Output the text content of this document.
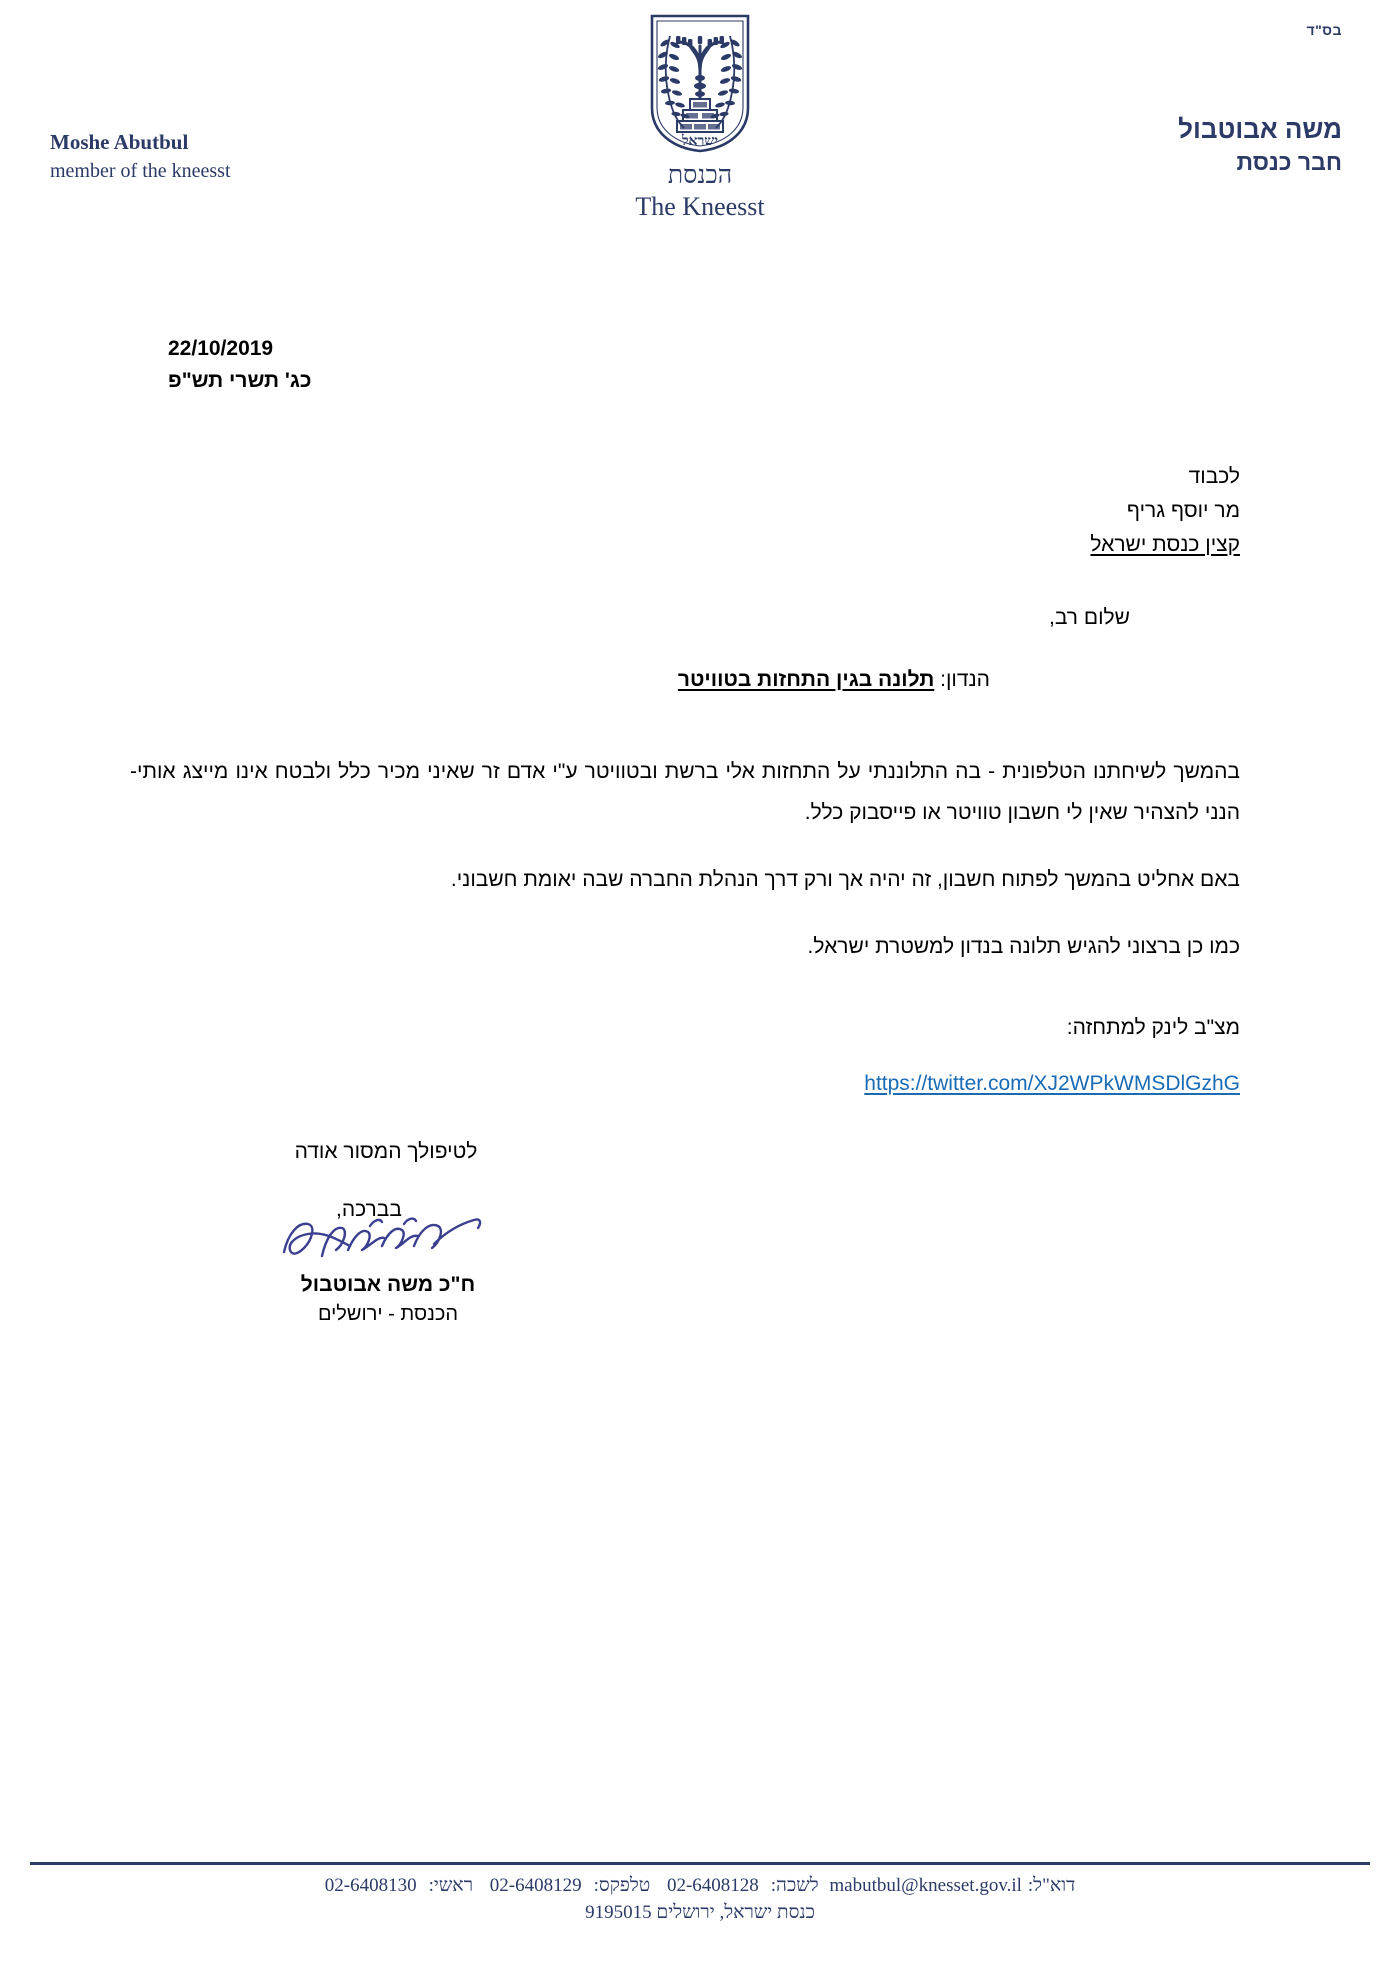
בס"ד
משה אבוטבול
חבר כנסת
Moshe Abutbul
member of the kneesst
ישראל
הכנסת
The Kneesst
22/10/2019
כג' תשרי תש"פ
לכבוד
מר יוסף גריף
קצין כנסת ישראל
שלום רב,
הנדון: תלונה בגין התחזות בטוויטר

בהמשך לשיחתנו הטלפונית - בה התלוננתי על התחזות אלי ברשת ובטוויטר ע"י אדם זר שאיני מכיר כלל ולבטח אינו מייצג אותי- הנני להצהיר שאין לי חשבון טוויטר או פייסבוק כלל.

באם אחליט בהמשך לפתוח חשבון, זה יהיה אך ורק דרך הנהלת החברה שבה יאומת חשבוני.

כמו כן ברצוני להגיש תלונה בנדון למשטרת ישראל.

מצ"ב לינק למתחזה:
https://twitter.com/XJ2WPkWMSDlGzhG
לטיפולך המסור אודה
בברכה,
ח"כ משה אבוטבול
הכנסת - ירושלים
דוא"ל:mabutbul@knesset.gov.il לשכה:02-6408128 טלפקס:02-6408129 ראשי:02-6408130
כנסת ישראל, ירושלים 9195015
